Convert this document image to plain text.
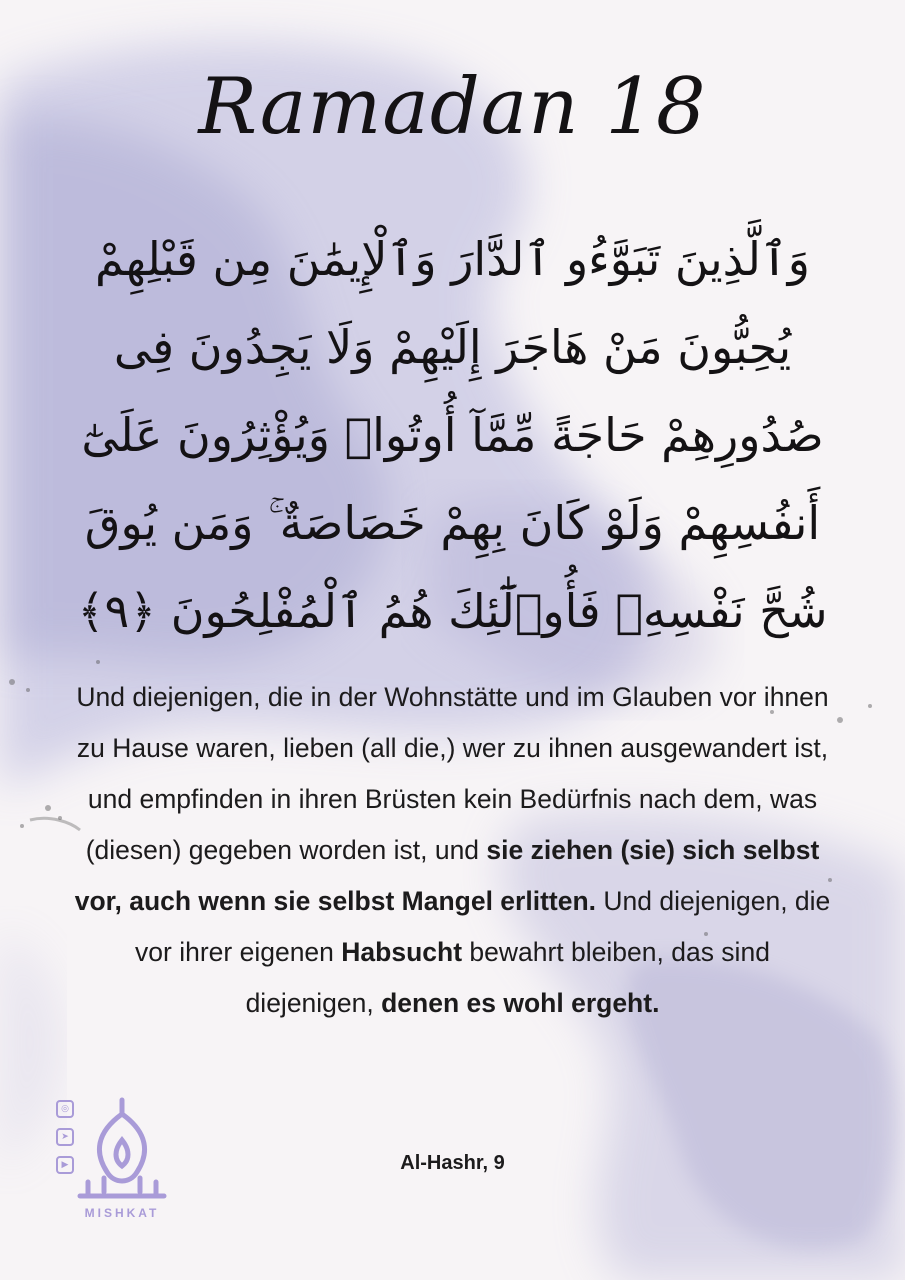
Ramadan 18
وَٱلَّذِينَ تَبَوَّءُو ٱلدَّارَ وَٱلْإِيمَٰنَ مِن قَبْلِهِمْ
يُحِبُّونَ مَنْ هَاجَرَ إِلَيْهِمْ وَلَا يَجِدُونَ فِى
صُدُورِهِمْ حَاجَةً مِّمَّآ أُوتُوا۟ وَيُؤْثِرُونَ عَلَىٰٓ
أَنفُسِهِمْ وَلَوْ كَانَ بِهِمْ خَصَاصَةٌ ۚ وَمَن يُوقَ
شُحَّ نَفْسِهِۦ فَأُو۟لَٰٓئِكَ هُمُ ٱلْمُفْلِحُونَ ﴿٩﴾
Und diejenigen, die in der Wohnstätte und im Glauben vor ihnen zu Hause waren, lieben (all die,) wer zu ihnen ausgewandert ist, und empfinden in ihren Brüsten kein Bedürfnis nach dem, was (diesen) gegeben worden ist, und sie ziehen (sie) sich selbst vor, auch wenn sie selbst Mangel erlitten. Und diejenigen, die vor ihrer eigenen Habsucht bewahrt bleiben, das sind diejenigen, denen es wohl ergeht.
Al-Hashr, 9
◎
➤
▶
MISHKAT
